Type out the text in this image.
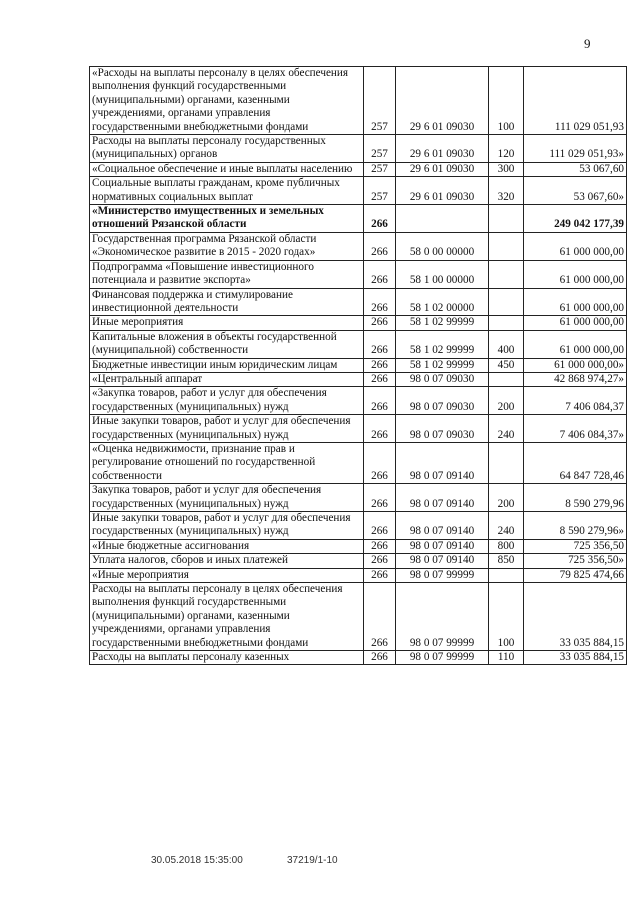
9
«Расходы на выплаты персоналу в целях обеспечения выполнения функций государственными (муниципальными) органами, казенными учреждениями, органами управления государственными внебюджетными фондами	257	29 6 01 09030	100	111 029 051,93
Расходы на выплаты персоналу государственных (муниципальных) органов	257	29 6 01 09030	120	111 029 051,93»
«Социальное обеспечение и иные выплаты населению	257	29 6 01 09030	300	53 067,60
Социальные выплаты гражданам, кроме публичных нормативных социальных выплат	257	29 6 01 09030	320	53 067,60»
«Министерство имущественных и земельных отношений Рязанской области	266			249 042 177,39
Государственная программа Рязанской области «Экономическое развитие в 2015 - 2020 годах»	266	58 0 00 00000		61 000 000,00
Подпрограмма «Повышение инвестиционного потенциала и развитие экспорта»	266	58 1 00 00000		61 000 000,00
Финансовая поддержка и стимулирование инвестиционной деятельности	266	58 1 02 00000		61 000 000,00
Иные мероприятия	266	58 1 02 99999		61 000 000,00
Капитальные вложения в объекты государственной (муниципальной) собственности	266	58 1 02 99999	400	61 000 000,00
Бюджетные инвестиции иным юридическим лицам	266	58 1 02 99999	450	61 000 000,00»
«Центральный аппарат	266	98 0 07 09030		42 868 974,27»
«Закупка товаров, работ и услуг для обеспечения государственных (муниципальных) нужд	266	98 0 07 09030	200	7 406 084,37
Иные закупки товаров, работ и услуг для обеспечения государственных (муниципальных) нужд	266	98 0 07 09030	240	7 406 084,37»
«Оценка недвижимости, признание прав и регулирование отношений по государственной собственности	266	98 0 07 09140		64 847 728,46
Закупка товаров, работ и услуг для обеспечения государственных (муниципальных) нужд	266	98 0 07 09140	200	8 590 279,96
Иные закупки товаров, работ и услуг для обеспечения государственных (муниципальных) нужд	266	98 0 07 09140	240	8 590 279,96»
«Иные бюджетные ассигнования	266	98 0 07 09140	800	725 356,50
Уплата налогов, сборов и иных платежей	266	98 0 07 09140	850	725 356,50»
«Иные мероприятия	266	98 0 07 99999		79 825 474,66
Расходы на выплаты персоналу в целях обеспечения выполнения функций государственными (муниципальными) органами, казенными учреждениями, органами управления государственными внебюджетными фондами	266	98 0 07 99999	100	33 035 884,15
Расходы на выплаты персоналу казенных	266	98 0 07 99999	110	33 035 884,15
30.05.2018 15:35:00	37219/1-10
